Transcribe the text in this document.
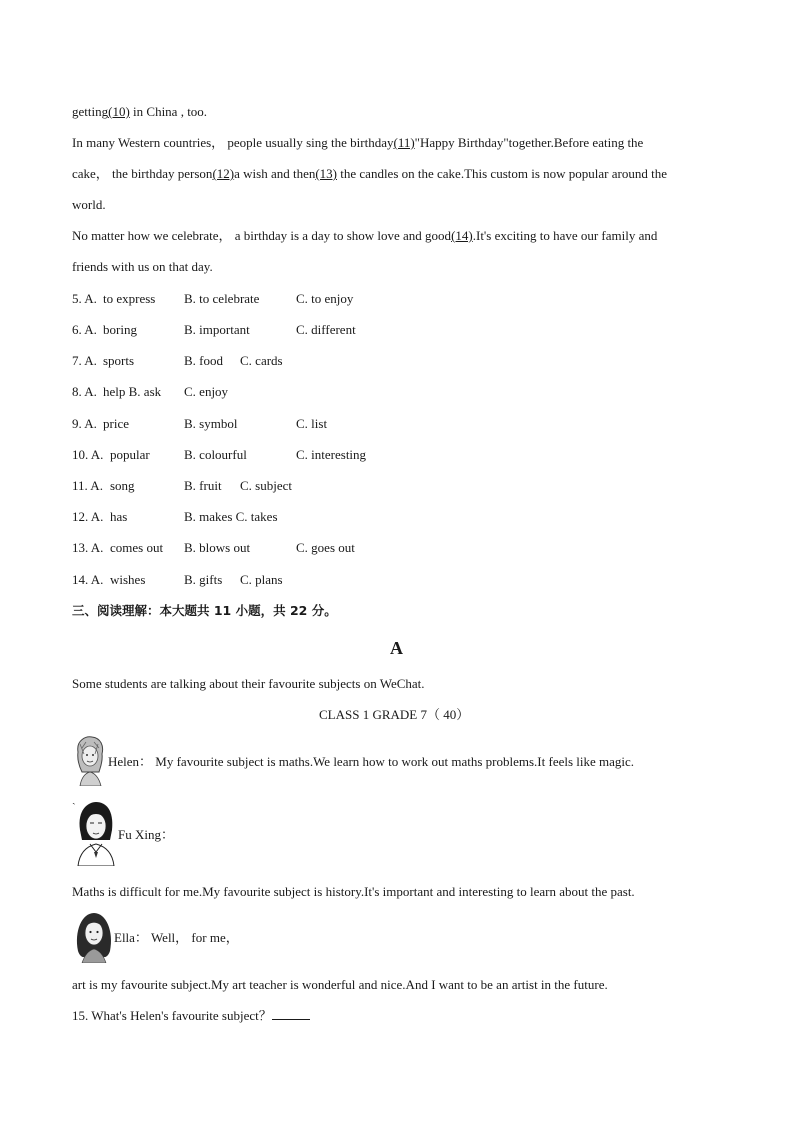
getting(10) in China , too.
In many Western countries， people usually sing the birthday(11)"Happy Birthday"together.Before eating the
cake， the birthday person(12)a wish and then(13) the candles on the cake.This custom is now popular around the
world.
No matter how we celebrate， a birthday is a day to show love and good(14).It's exciting to have our family and
friends with us on that day.
5. A. to express B. to celebrate	C. to enjoy
6. A. boring	B. important	C. different
7. A. sports	B. food C. cards
8. A. help B. ask C. enjoy
9. A. price	B. symbol	C. list
10. A. popular	B. colourful	C. interesting
11. A. song	B. fruit C. subject
12. A. has	B. makes C. takes
13. A. comes out B. blows out	C. goes out
14. A. wishes	B. gifts C. plans
三、阅读理解：本大题共 11 小题，共 22 分。
A
Some students are talking about their favourite subjects on WeChat.
CLASS 1 GRADE 7（ 40）
Helen： My favourite subject is maths.We learn how to work out maths problems.It feels like magic.
ˎ
Fu Xing：
Maths is difficult for me.My favourite subject is history.It's important and interesting to learn about the past.
Ella： Well， for me，
art is my favourite subject.My art teacher is wonderful and nice.And I want to be an artist in the future.
15. What's Helen's favourite subject？
